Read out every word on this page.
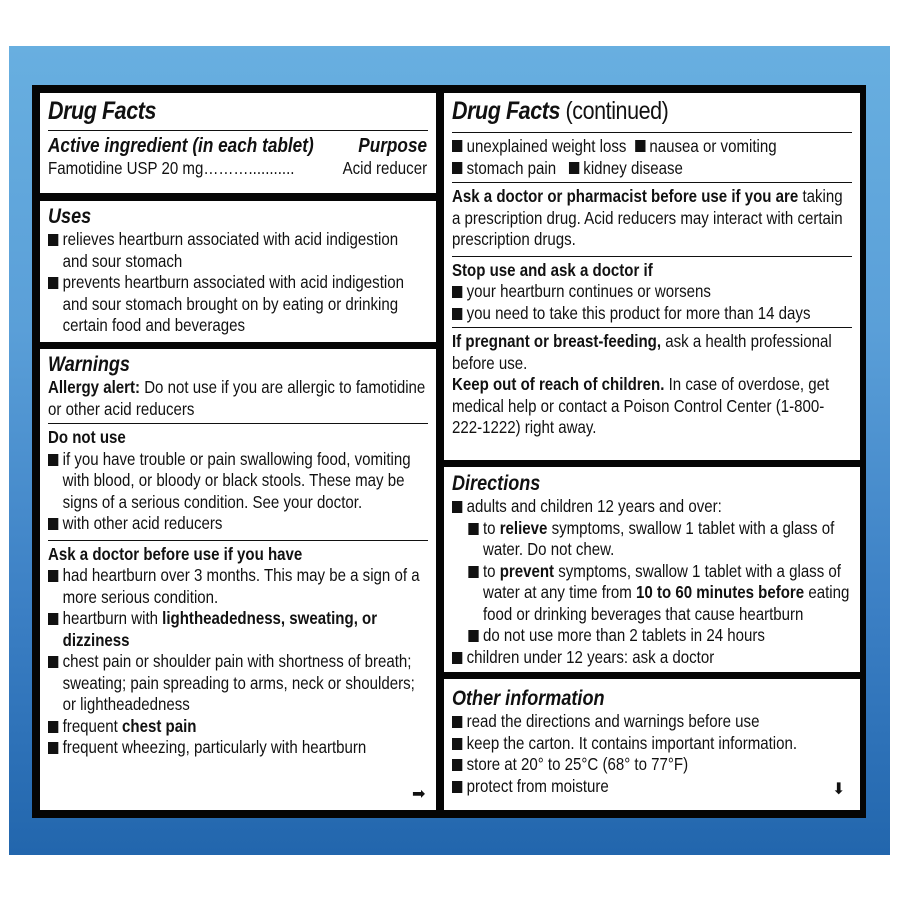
Drug Facts
Active ingredient (in each tablet) Purpose
Famotidine USP 20 mg………...........	Acid reducer
Uses
relieves heartburn associated with acid indigestion and sour stomach
prevents heartburn associated with acid indigestion and sour stomach brought on by eating or drinking certain food and beverages
Warnings
Allergy alert: Do not use if you are allergic to famotidine or other acid reducers
Do not use
if you have trouble or pain swallowing food, vomiting with blood, or bloody or black stools. These may be signs of a serious condition. See your doctor.
with other acid reducers
Ask a doctor before use if you have
had heartburn over 3 months. This may be a sign of a more serious condition.
heartburn with lightheadedness, sweating, or dizziness
chest pain or shoulder pain with shortness of breath; sweating; pain spreading to arms, neck or shoulders; or lightheadedness
frequent chest pain
frequent wheezing, particularly with heartburn
➡
Drug Facts (continued)
unexplained weight loss nausea or vomiting
stomach pain kidney disease
Ask a doctor or pharmacist before use if you are taking a prescription drug. Acid reducers may interact with certain prescription drugs.
Stop use and ask a doctor if
your heartburn continues or worsens
you need to take this product for more than 14 days
If pregnant or breast-feeding, ask a health professional before use.
Keep out of reach of children. In case of overdose, get medical help or contact a Poison Control Center (1-800-222-1222) right away.
Directions
adults and children 12 years and over:
to relieve symptoms, swallow 1 tablet with a glass of water. Do not chew.
to prevent symptoms, swallow 1 tablet with a glass of water at any time from 10 to 60 minutes before eating food or drinking beverages that cause heartburn
do not use more than 2 tablets in 24 hours
children under 12 years: ask a doctor
Other information
read the directions and warnings before use
keep the carton. It contains important information.
store at 20° to 25°C (68° to 77°F)
protect from moisture	⬇
